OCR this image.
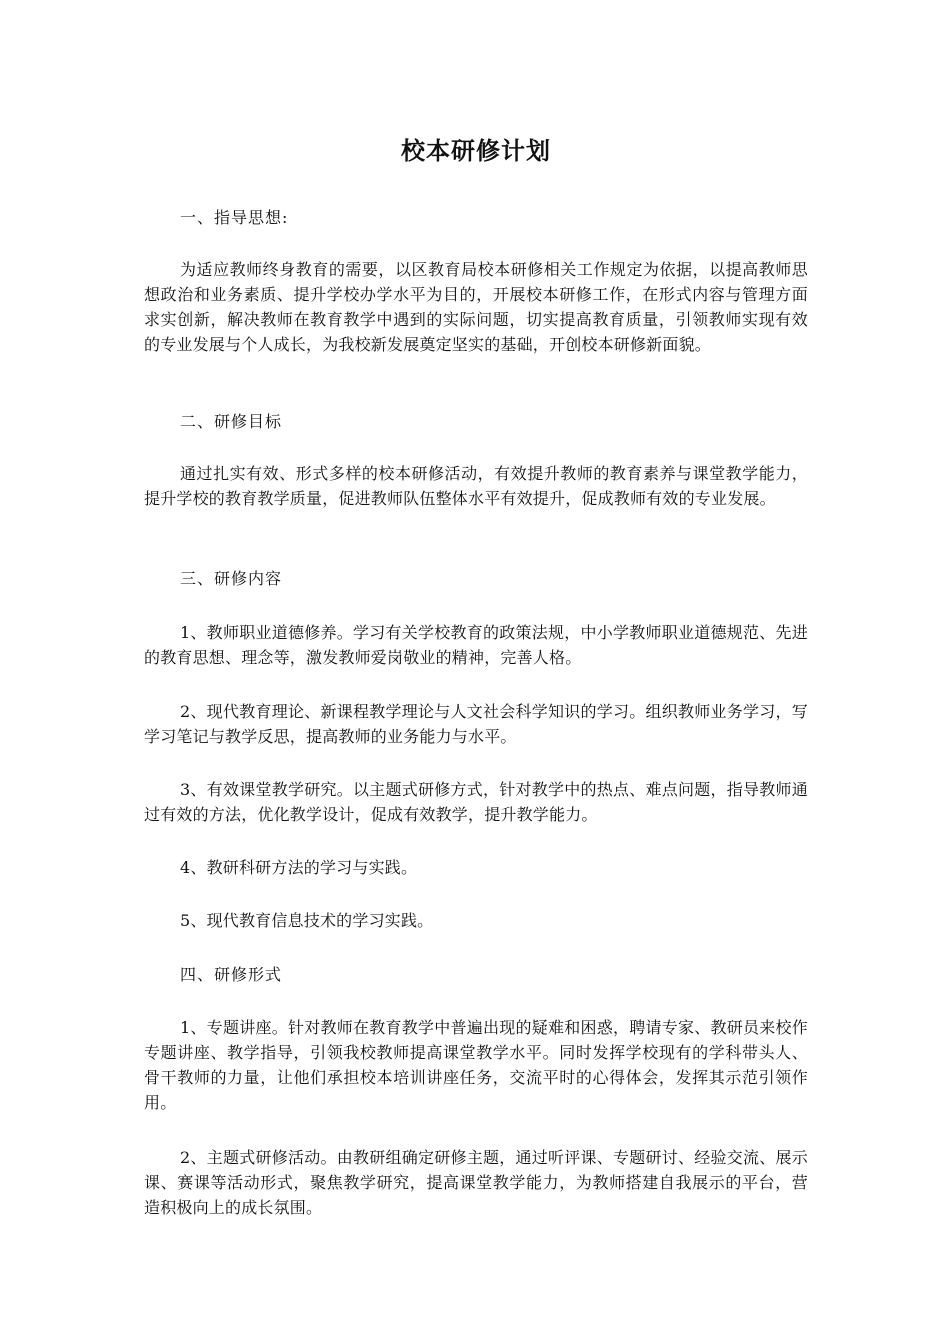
校本研修计划

一、指导思想:

为适应教师终身教育的需要，以区教育局校本研修相关工作规定为依据，以提高教师思想政治和业务素质、提升学校办学水平为目的，开展校本研修工作，在形式内容与管理方面求实创新，解决教师在教育教学中遇到的实际问题，切实提高教育质量，引领教师实现有效的专业发展与个人成长，为我校新发展奠定坚实的基础，开创校本研修新面貌。

二、研修目标

通过扎实有效、形式多样的校本研修活动，有效提升教师的教育素养与课堂教学能力，提升学校的教育教学质量，促进教师队伍整体水平有效提升，促成教师有效的专业发展。

三、研修内容

1、教师职业道德修养。学习有关学校教育的政策法规，中小学教师职业道德规范、先进的教育思想、理念等，激发教师爱岗敬业的精神，完善人格。

2、现代教育理论、新课程教学理论与人文社会科学知识的学习。组织教师业务学习，写学习笔记与教学反思，提高教师的业务能力与水平。

3、有效课堂教学研究。以主题式研修方式，针对教学中的热点、难点问题，指导教师通过有效的方法，优化教学设计，促成有效教学，提升教学能力。

4、教研科研方法的学习与实践。

5、现代教育信息技术的学习实践。

四、研修形式

1、专题讲座。针对教师在教育教学中普遍出现的疑难和困惑，聘请专家、教研员来校作专题讲座、教学指导，引领我校教师提高课堂教学水平。同时发挥学校现有的学科带头人、骨干教师的力量，让他们承担校本培训讲座任务，交流平时的心得体会，发挥其示范引领作用。

2、主题式研修活动。由教研组确定研修主题，通过听评课、专题研讨、经验交流、展示课、赛课等活动形式，聚焦教学研究，提高课堂教学能力，为教师搭建自我展示的平台，营造积极向上的成长氛围。
